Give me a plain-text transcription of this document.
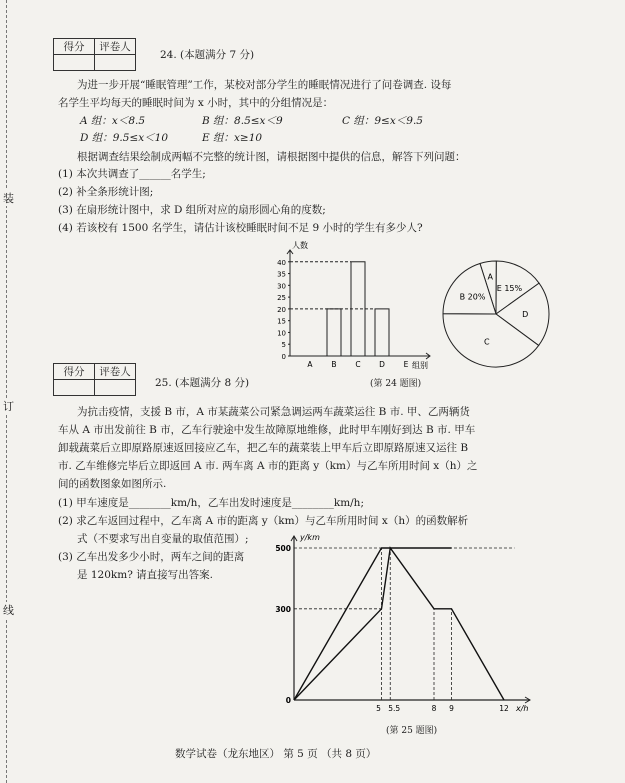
装
订
线
得分	评卷人

24. (本题满分 7 分)
为进一步开展“睡眠管理”工作，某校对部分学生的睡眠情况进行了问卷调查. 设每
名学生平均每天的睡眠时间为 x 小时，其中的分组情况是：
A 组：x＜8.5	B 组：8.5≤x＜9	C 组：9≤x＜9.5
D 组：9.5≤x＜10	E 组：x≥10
根据调查结果绘制成两幅不完整的统计图，请根据图中提供的信息，解答下列问题：
(1) 本次共调查了______名学生;
(2) 补全条形统计图;
(3) 在扇形统计图中，求 D 组所对应的扇形圆心角的度数;
(4) 若该校有 1500 名学生，请估计该校睡眠时间不足 9 小时的学生有多少人?
0
5
10
15
20
25
30
35
40
A	B	C D E
人数
组别
A
E 15%
D
C
B 20%
(第 24 题图)
得分	评卷人

25. (本题满分 8 分)
为抗击疫情，支援 B 市，A 市某蔬菜公司紧急调运两车蔬菜运往 B 市. 甲、乙两辆货
车从 A 市出发前往 B 市，乙车行驶途中发生故障原地维修，此时甲车刚好到达 B 市. 甲车
卸载蔬菜后立即原路原速返回接应乙车，把乙车的蔬菜装上甲车后立即原路原速又运往 B
市. 乙车维修完毕后立即返回 A 市. 两车离 A 市的距离 y（km）与乙车所用时间 x（h）之
间的函数图象如图所示.
(1) 甲车速度是________km/h，乙车出发时速度是________km/h;
(2) 求乙车返回过程中，乙车离 A 市的距离 y（km）与乙车所用时间 x（h）的函数解析
式（不要求写出自变量的取值范围）;
(3) 乙车出发多少小时，两车之间的距离
是 120km? 请直接写出答案.
500
300
0
5 5.5	8 9	12
y/km
x/h
(第 25 题图)
数学试卷（龙东地区） 第 5 页 （共 8 页）
